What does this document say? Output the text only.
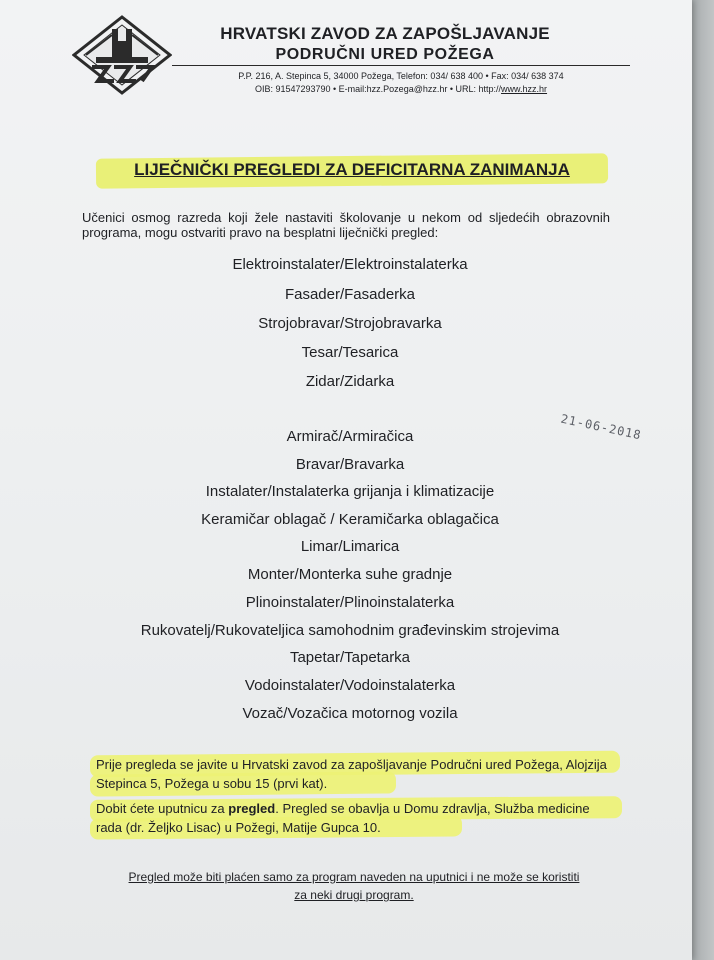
HRVATSKI ZAVOD ZA ZAPOŠLJAVANJE
PODRUČNI URED POŽEGA
P.P. 216, A. Stepinca 5, 34000 Požega, Telefon: 034/ 638 400 • Fax: 034/ 638 374
OIB: 91547293790 • E-mail:hzz.Pozega@hzz.hr • URL: http://www.hzz.hr
LIJEČNIČKI PREGLEDI ZA DEFICITARNA ZANIMANJA
Učenici osmog razreda koji žele nastaviti školovanje u nekom od sljedećih obrazovnih programa, mogu ostvariti pravo na besplatni liječnički pregled:
Elektroinstalater/Elektroinstalaterka
Fasader/Fasaderka
Strojobravar/Strojobravarka
Tesar/Tesarica
Zidar/Zidarka
21-06-2018
Armirač/Armiračica
Bravar/Bravarka
Instalater/Instalaterka grijanja i klimatizacije
Keramičar oblagač / Keramičarka oblagačica
Limar/Limarica
Monter/Monterka suhe gradnje
Plinoinstalater/Plinoinstalaterka
Rukovatelj/Rukovateljica samohodnim građevinskim strojevima
Tapetar/Tapetarka
Vodoinstalater/Vodoinstalaterka
Vozač/Vozačica motornog vozila
Prije pregleda se javite u Hrvatski zavod za zapošljavanje Područni ured Požega, Alojzija Stepinca 5, Požega u sobu 15 (prvi kat).
Dobit ćete uputnicu za pregled. Pregled se obavlja u Domu zdravlja, Služba medicine rada (dr. Željko Lisac) u Požegi, Matije Gupca 10.
Pregled može biti plaćen samo za program naveden na uputnici i ne može se koristiti
za neki drugi program.
